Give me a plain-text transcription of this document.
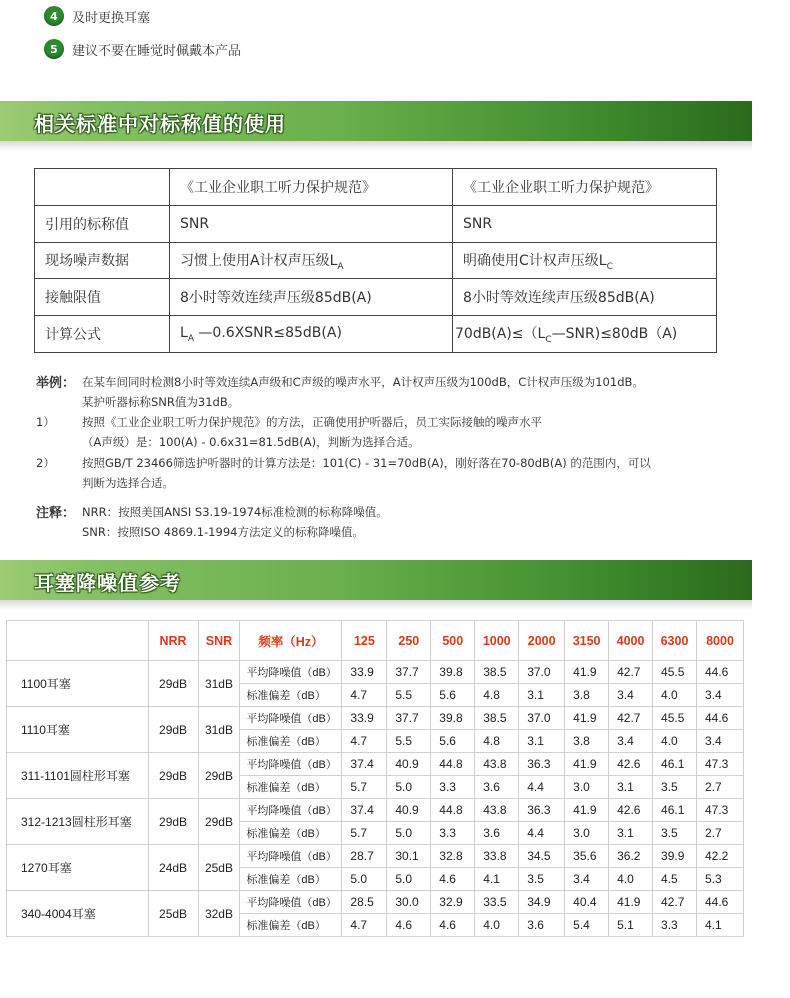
4	及时更换耳塞
5	建议不要在睡觉时佩戴本产品
相关标准中对标称值的使用
	《工业企业职工听力保护规范》	《工业企业职工听力保护规范》
引用的标称值	SNR	SNR
现场噪声数据	习惯上使用A计权声压级$L_A$	明确使用C计权声压级$L_C$
接触限值	8小时等效连续声压级85dB(A)	8小时等效连续声压级85dB(A)
计算公式	$L_A$ —0.6XSNR≤85dB(A)	$70dB(A)\le(L_C—SNR)\le 80dB(A)$
举例： 在某车间同时检测8小时等效连续A声级和C声级的噪声水平，A计权声压级为100dB，C计权声压级为101dB。
某护听器标称SNR值为31dB。
1） 按照《工业企业职工听力保护规范》的方法，正确使用护听器后，员工实际接触的噪声水平
（A声级）是：100(A) - 0.6x31=81.5dB(A)，判断为选择合适。
2） 按照GB/T 23466筛选护听器时的计算方法是：101(C) - 31=70dB(A)，刚好落在70-80dB(A) 的范围内，可以
判断为选择合适。
注释： NRR：按照美国ANSI S3.19-1974标准检测的标称降噪值。
SNR：按照ISO 4869.1-1994方法定义的标称降噪值。
耳塞降噪值参考
	NRR	SNR	频率（Hz）	125	250	500	1000	2000	3150	4000	6300	8000
1100耳塞	29dB	31dB	平均降噪值（dB）	33.9	37.7	39.8	38.5	37.0	41.9	42.7	45.5	44.6
			标准偏差（dB）	4.7	5.5	5.6	4.8	3.1	3.8	3.4	4.0	3.4
1110耳塞	29dB	31dB	平均降噪值（dB）	33.9	37.7	39.8	38.5	37.0	41.9	42.7	45.5	44.6
			标准偏差（dB）	4.7	5.5	5.6	4.8	3.1	3.8	3.4	4.0	3.4
311-1101圆柱形耳塞	29dB	29dB	平均降噪值（dB）	37.4	40.9	44.8	43.8	36.3	41.9	42.6	46.1	47.3
			标准偏差（dB）	5.7	5.0	3.3	3.6	4.4	3.0	3.1	3.5	2.7
312-1213圆柱形耳塞	29dB	29dB	平均降噪值（dB）	37.4	40.9	44.8	43.8	36.3	41.9	42.6	46.1	47.3
			标准偏差（dB）	5.7	5.0	3.3	3.6	4.4	3.0	3.1	3.5	2.7
1270耳塞	24dB	25dB	平均降噪值（dB）	28.7	30.1	32.8	33.8	34.5	35.6	36.2	39.9	42.2
			标准偏差（dB）	5.0	5.0	4.6	4.1	3.5	3.4	4.0	4.5	5.3
340-4004耳塞	25dB	32dB	平均降噪值（dB）	28.5	30.0	32.9	33.5	34.9	40.4	41.9	42.7	44.6
			标准偏差（dB）	4.7	4.6	4.6	4.0	3.6	5.4	5.1	3.3	4.1
